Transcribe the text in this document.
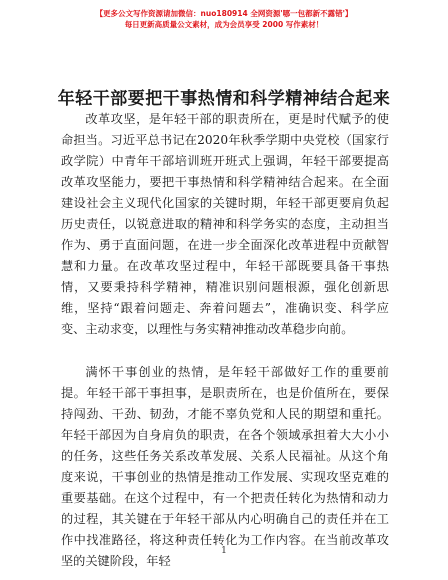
【更多公文写作资源请加微信：nuo180914 全网资源'哪一包都新不露错'】
每日更新高质量公文素材，成为会员享受 2000 写作素材！
年轻干部要把干事热情和科学精神结合起来

改革攻坚，是年轻干部的职责所在，更是时代赋予的使命担当。习近平总书记在2020年秋季学期中央党校（国家行政学院）中青年干部培训班开班式上强调，年轻干部要提高改革攻坚能力，要把干事热情和科学精神结合起来。在全面建设社会主义现代化国家的关键时期，年轻干部更要肩负起历史责任，以锐意进取的精神和科学务实的态度，主动担当作为、勇于直面问题，在进一步全面深化改革进程中贡献智慧和力量。在改革攻坚过程中，年轻干部既要具备干事热情，又要秉持科学精神，精准识别问题根源，强化创新思维，坚持“跟着问题走、奔着问题去”，准确识变、科学应变、主动求变，以理性与务实精神推动改革稳步向前。

满怀干事创业的热情，是年轻干部做好工作的重要前提。年轻干部干事担事，是职责所在，也是价值所在，要保持闯劲、干劲、韧劲，才能不辜负党和人民的期望和重托。年轻干部因为自身肩负的职责，在各个领域承担着大大小小的任务，这些任务关系改革发展、关系人民福祉。从这个角度来说，干事创业的热情是推动工作发展、实现攻坚克难的重要基础。在这个过程中，有一个把责任转化为热情和动力的过程，其关键在于年轻干部从内心明确自己的责任并在工作中找准路径，将这种责任转化为工作内容。在当前改革攻坚的关键阶段，年轻

1
